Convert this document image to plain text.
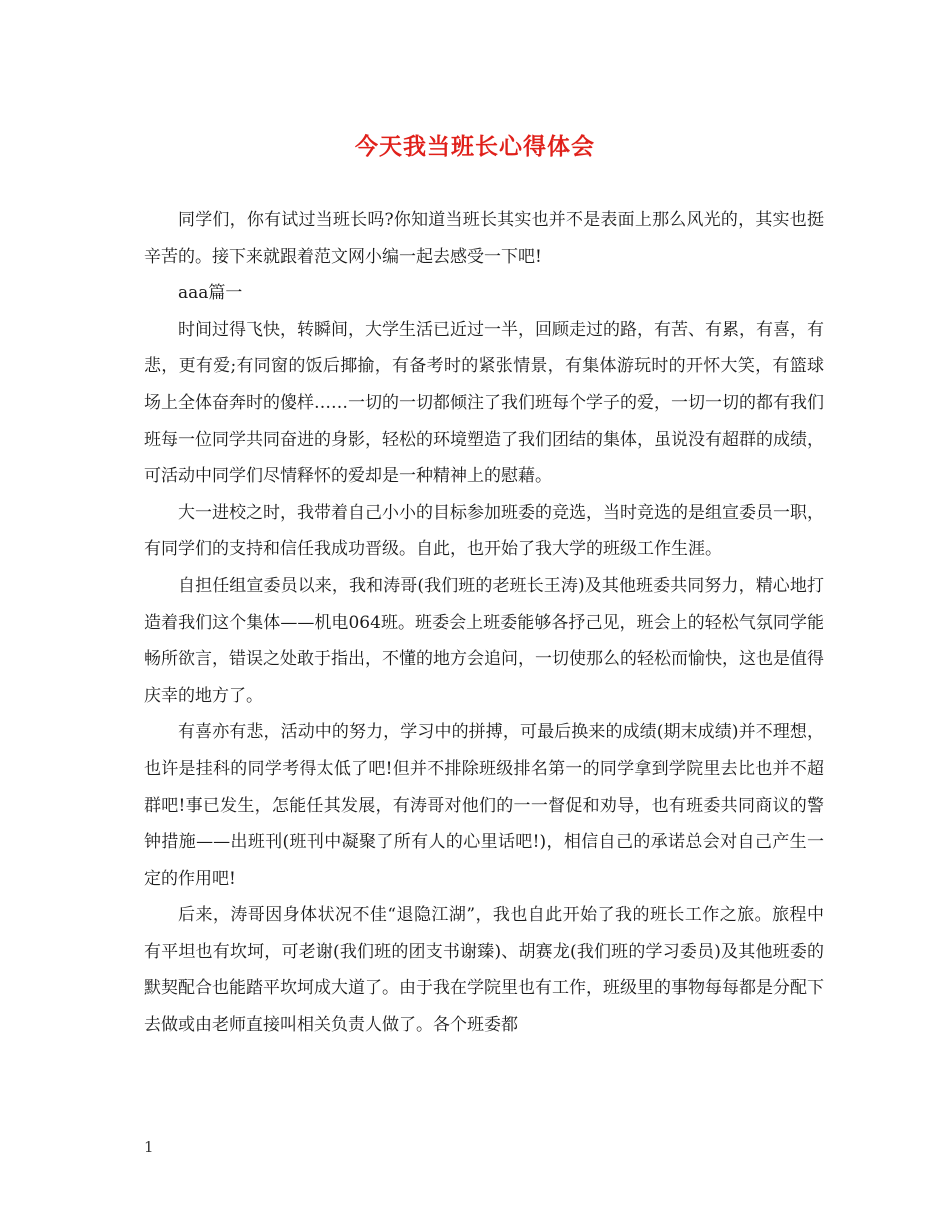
今天我当班长心得体会

同学们，你有试过当班长吗?你知道当班长其实也并不是表面上那么风光的，其实也挺辛苦的。接下来就跟着范文网小编一起去感受一下吧!

aaa篇一

时间过得飞快，转瞬间，大学生活已近过一半，回顾走过的路，有苦、有累，有喜，有悲，更有爱;有同窗的饭后揶揄，有备考时的紧张情景，有集体游玩时的开怀大笑，有篮球场上全体奋奔时的傻样……一切的一切都倾注了我们班每个学子的爱，一切一切的都有我们班每一位同学共同奋进的身影，轻松的环境塑造了我们团结的集体，虽说没有超群的成绩，可活动中同学们尽情释怀的爱却是一种精神上的慰藉。

大一进校之时，我带着自己小小的目标参加班委的竞选，当时竞选的是组宣委员一职，有同学们的支持和信任我成功晋级。自此，也开始了我大学的班级工作生涯。

自担任组宣委员以来，我和涛哥(我们班的老班长王涛)及其他班委共同努力，精心地打造着我们这个集体——机电064班。班委会上班委能够各抒己见，班会上的轻松气氛同学能畅所欲言，错误之处敢于指出，不懂的地方会追问，一切使那么的轻松而愉快，这也是值得庆幸的地方了。

有喜亦有悲，活动中的努力，学习中的拼搏，可最后换来的成绩(期末成绩)并不理想，也许是挂科的同学考得太低了吧!但并不排除班级排名第一的同学拿到学院里去比也并不超群吧!事已发生，怎能任其发展，有涛哥对他们的一一督促和劝导，也有班委共同商议的警钟措施——出班刊(班刊中凝聚了所有人的心里话吧!)，相信自己的承诺总会对自己产生一定的作用吧!

后来，涛哥因身体状况不佳“退隐江湖”，我也自此开始了我的班长工作之旅。旅程中有平坦也有坎坷，可老谢(我们班的团支书谢臻)、胡赛龙(我们班的学习委员)及其他班委的默契配合也能踏平坎坷成大道了。由于我在学院里也有工作，班级里的事物每每都是分配下去做或由老师直接叫相关负责人做了。各个班委都

1
